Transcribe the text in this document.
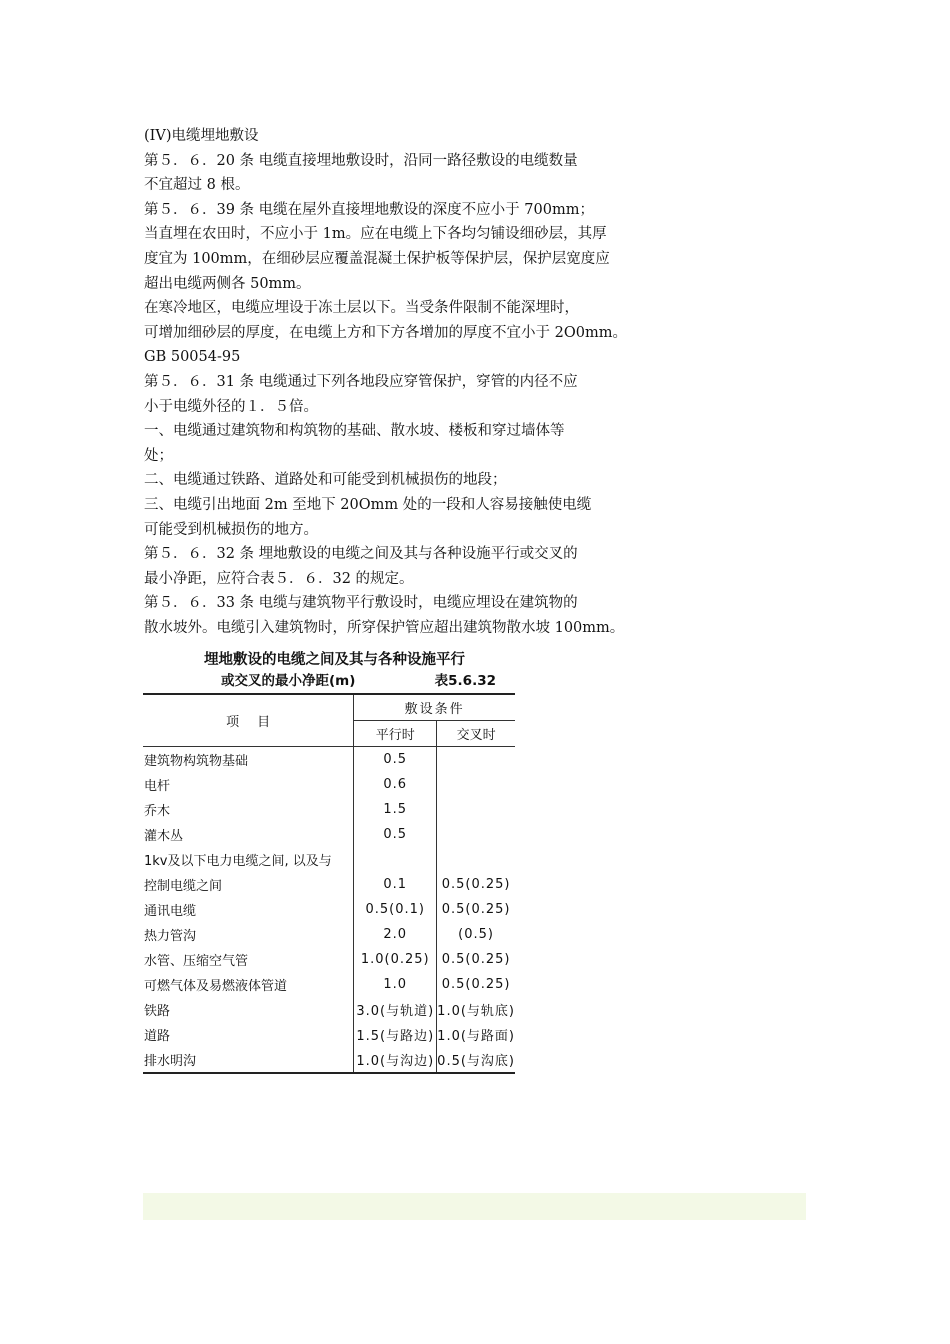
(IV)电缆埋地敷设
第５．６．20 条 电缆直接埋地敷设时，沿同一路径敷设的电缆数量
不宜超过 8 根。
第５．６．39 条 电缆在屋外直接埋地敷设的深度不应小于 700mm；
当直埋在农田时，不应小于 1m。应在电缆上下各均匀铺设细砂层，其厚
度宜为 100mm，在细砂层应覆盖混凝土保护板等保护层，保护层宽度应
超出电缆两侧各 50mm。
在寒冷地区，电缆应埋设于冻土层以下。当受条件限制不能深埋时，
可增加细砂层的厚度，在电缆上方和下方各增加的厚度不宜小于 2O0mm。
GB 50054-95
第５．６．31 条 电缆通过下列各地段应穿管保护，穿管的内径不应
小于电缆外径的１．５倍。
一、电缆通过建筑物和构筑物的基础、散水坡、楼板和穿过墙体等
处；
二、电缆通过铁路、道路处和可能受到机械损伤的地段；
三、电缆引出地面 2m 至地下 20Omm 处的一段和人容易接触使电缆
可能受到机械损伤的地方。
第５．６．32 条 埋地敷设的电缆之间及其与各种设施平行或交叉的
最小净距，应符合表５．６．32 的规定。
第５．６．33 条 电缆与建筑物平行敷设时，电缆应埋设在建筑物的
散水坡外。电缆引入建筑物时，所穿保护管应超出建筑物散水坡 100mm。
埋地敷设的电缆之间及其与各种设施平行
或交叉的最小净距(m)	表5.6.32
项目	敷设条件	
	平行时	交叉时
建筑物构筑物基础	0.5	
电杆	0.6	
乔木	1.5	
灌木丛	0.5	
1kv及以下电力电缆之间, 以及与		
控制电缆之间	0.1	0.5(0.25)
通讯电缆	0.5(0.1)	0.5(0.25)
热力管沟	2.0	(0.5)
水管、压缩空气管	1.0(0.25)	0.5(0.25)
可燃气体及易燃液体管道	1.0	0.5(0.25)
铁路	3.0(与轨道)	1.0(与轨底)
道路	1.5(与路边)	1.0(与路面)
排水明沟	1.0(与沟边)	0.5(与沟底)
